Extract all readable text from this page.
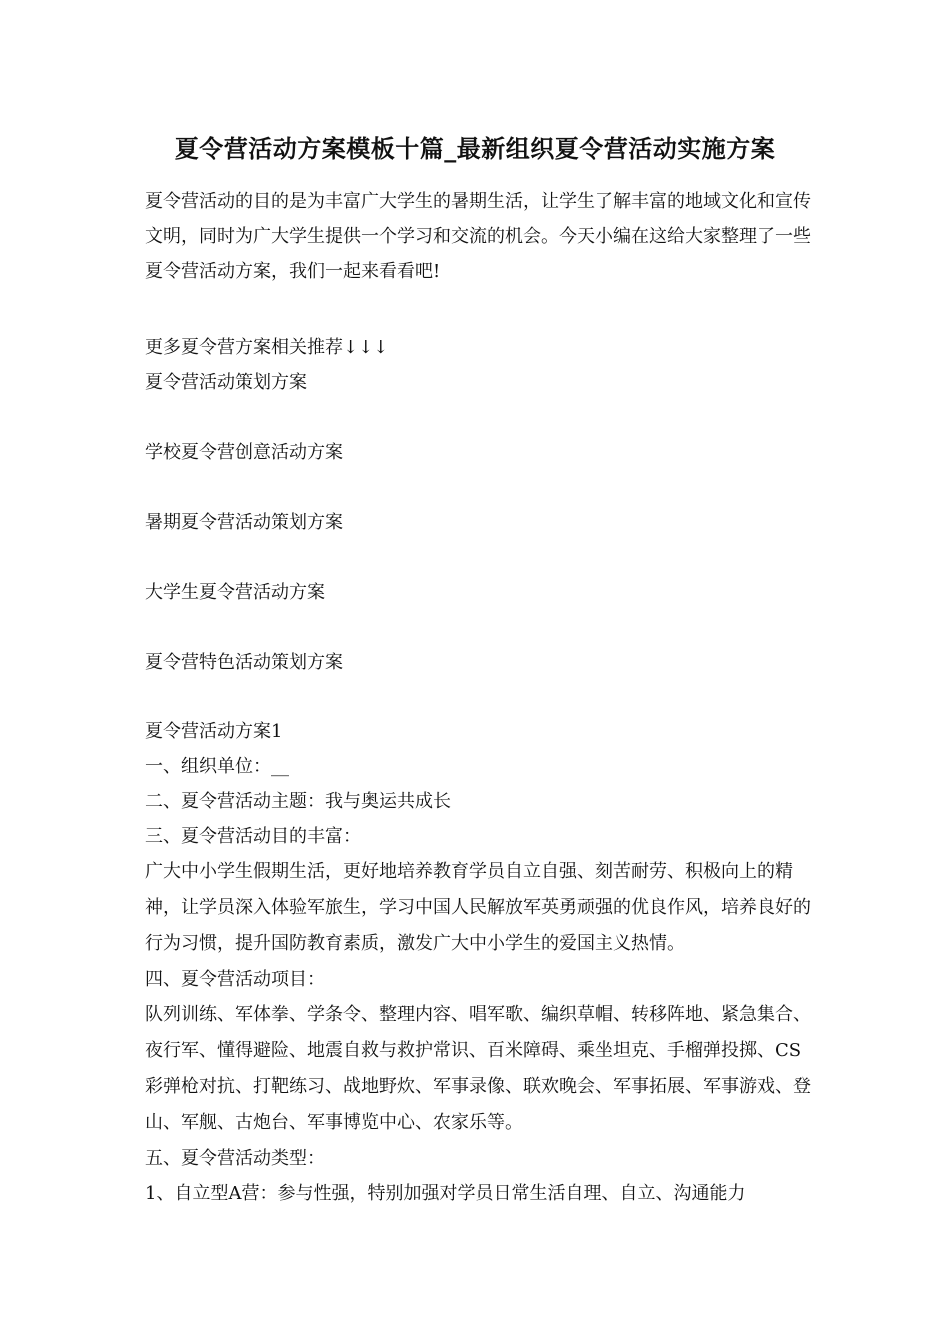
夏令营活动方案模板十篇_最新组织夏令营活动实施方案
夏令营活动的目的是为丰富广大学生的暑期生活，让学生了解丰富的地域文化和宣传文明，同时为广大学生提供一个学习和交流的机会。今天小编在这给大家整理了一些夏令营活动方案，我们一起来看看吧!
更多夏令营方案相关推荐↓↓↓
夏令营活动策划方案
学校夏令营创意活动方案
暑期夏令营活动策划方案
大学生夏令营活动方案
夏令营特色活动策划方案
夏令营活动方案1
一、组织单位：__
二、夏令营活动主题：我与奥运共成长
三、夏令营活动目的丰富：
广大中小学生假期生活，更好地培养教育学员自立自强、刻苦耐劳、积极向上的精神，让学员深入体验军旅生，学习中国人民解放军英勇顽强的优良作风，培养良好的行为习惯，提升国防教育素质，激发广大中小学生的爱国主义热情。
四、夏令营活动项目：
队列训练、军体拳、学条令、整理内容、唱军歌、编织草帽、转移阵地、紧急集合、夜行军、懂得避险、地震自救与救护常识、百米障碍、乘坐坦克、手榴弹投掷、CS彩弹枪对抗、打靶练习、战地野炊、军事录像、联欢晚会、军事拓展、军事游戏、登山、军舰、古炮台、军事博览中心、农家乐等。
五、夏令营活动类型：
1、自立型A营：参与性强，特别加强对学员日常生活自理、自立、沟通能力
